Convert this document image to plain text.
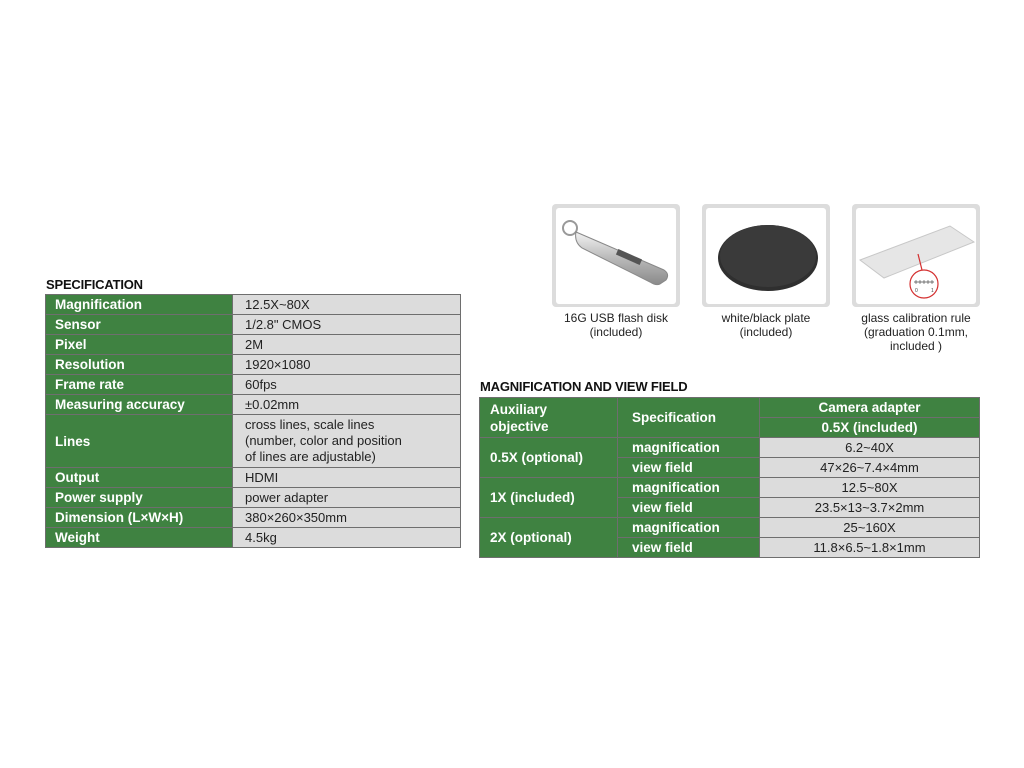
SPECIFICATION
Magnification	12.5X~80X
Sensor	1/2.8" CMOS
Pixel	2M
Resolution	1920×1080
Frame rate	60fps
Measuring accuracy	±0.02mm
Lines	cross lines, scale lines
(number, color and position
of lines are adjustable)
Output	HDMI
Power supply	power adapter
Dimension (L×W×H)	380×260×350mm
Weight	4.5kg
0	1
16G USB flash disk
(included)
white/black plate
(included)
glass calibration rule
(graduation 0.1mm,
included )
MAGNIFICATION AND VIEW FIELD
Auxiliary
objective	Specification	Camera adapter
		0.5X (included)
0.5X (optional)	magnification	6.2~40X
	view field	47×26~7.4×4mm
1X (included)	magnification	12.5~80X
	view field	23.5×13~3.7×2mm
2X (optional)	magnification	25~160X
	view field	11.8×6.5~1.8×1mm
